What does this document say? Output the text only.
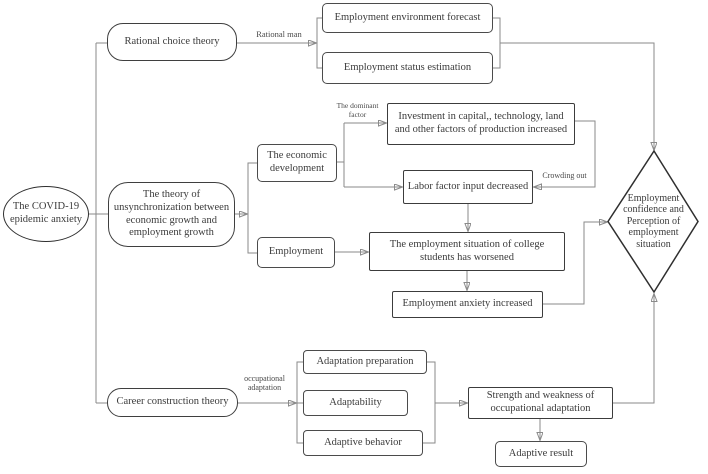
The COVID-19 epidemic anxiety
Rational choice theory
Employment environment forecast
Employment status estimation
The theory of unsynchronization between economic growth and employment growth
The economic development
Employment
Investment in capital,, technology, land and other factors of production increased
Labor factor input decreased
The employment situation of college students has worsened
Employment anxiety increased
Employment confidence and Perception of employment situation
Career construction theory
Adaptation preparation
Adaptability
Adaptive behavior
Strength and weakness of occupational adaptation
Adaptive result
Rational man
The dominant factor
Crowding out
occupational adaptation
